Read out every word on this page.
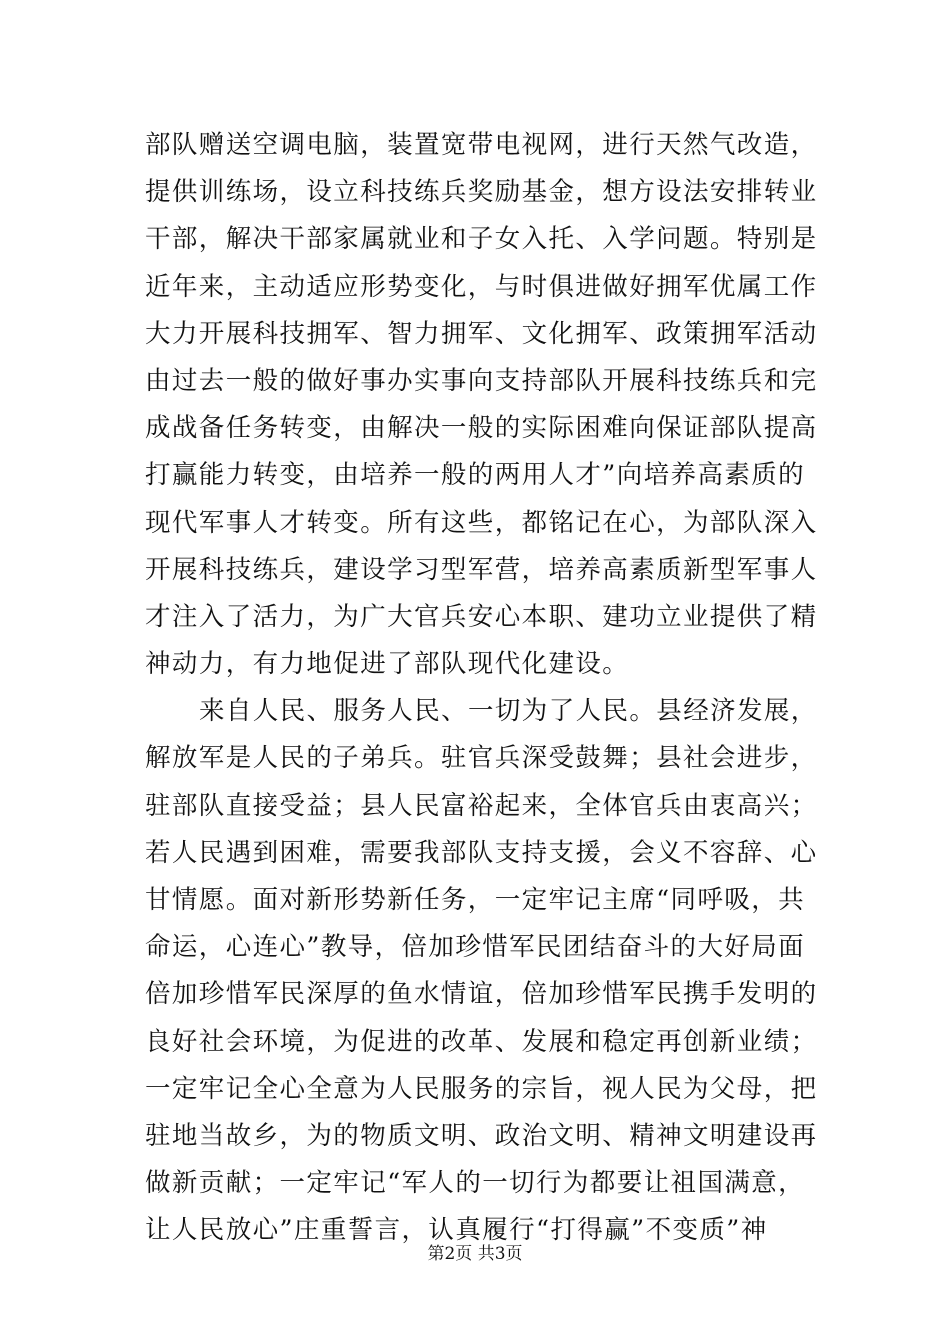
部队赠送空调电脑，装置宽带电视网，进行天然气改造，
提供训练场，设立科技练兵奖励基金，想方设法安排转业
干部，解决干部家属就业和子女入托、入学问题。特别是
近年来，主动适应形势变化，与时俱进做好拥军优属工作
大力开展科技拥军、智力拥军、文化拥军、政策拥军活动
由过去一般的做好事办实事向支持部队开展科技练兵和完
成战备任务转变，由解决一般的实际困难向保证部队提高
打赢能力转变，由培养一般的两用人才”向培养高素质的
现代军事人才转变。所有这些，都铭记在心，为部队深入
开展科技练兵，建设学习型军营，培养高素质新型军事人
才注入了活力，为广大官兵安心本职、建功立业提供了精
神动力，有力地促进了部队现代化建设。
来自人民、服务人民、一切为了人民。县经济发展，
解放军是人民的子弟兵。驻官兵深受鼓舞；县社会进步，
驻部队直接受益；县人民富裕起来，全体官兵由衷高兴；
若人民遇到困难，需要我部队支持支援，会义不容辞、心
甘情愿。面对新形势新任务，一定牢记主席“同呼吸，共
命运，心连心”教导，倍加珍惜军民团结奋斗的大好局面
倍加珍惜军民深厚的鱼水情谊，倍加珍惜军民携手发明的
良好社会环境，为促进的改革、发展和稳定再创新业绩；
一定牢记全心全意为人民服务的宗旨，视人民为父母，把
驻地当故乡，为的物质文明、政治文明、精神文明建设再
做新贡献；一定牢记“军人的一切行为都要让祖国满意，
让人民放心”庄重誓言，认真履行“打得赢”不变质”神
第2页 共3页
